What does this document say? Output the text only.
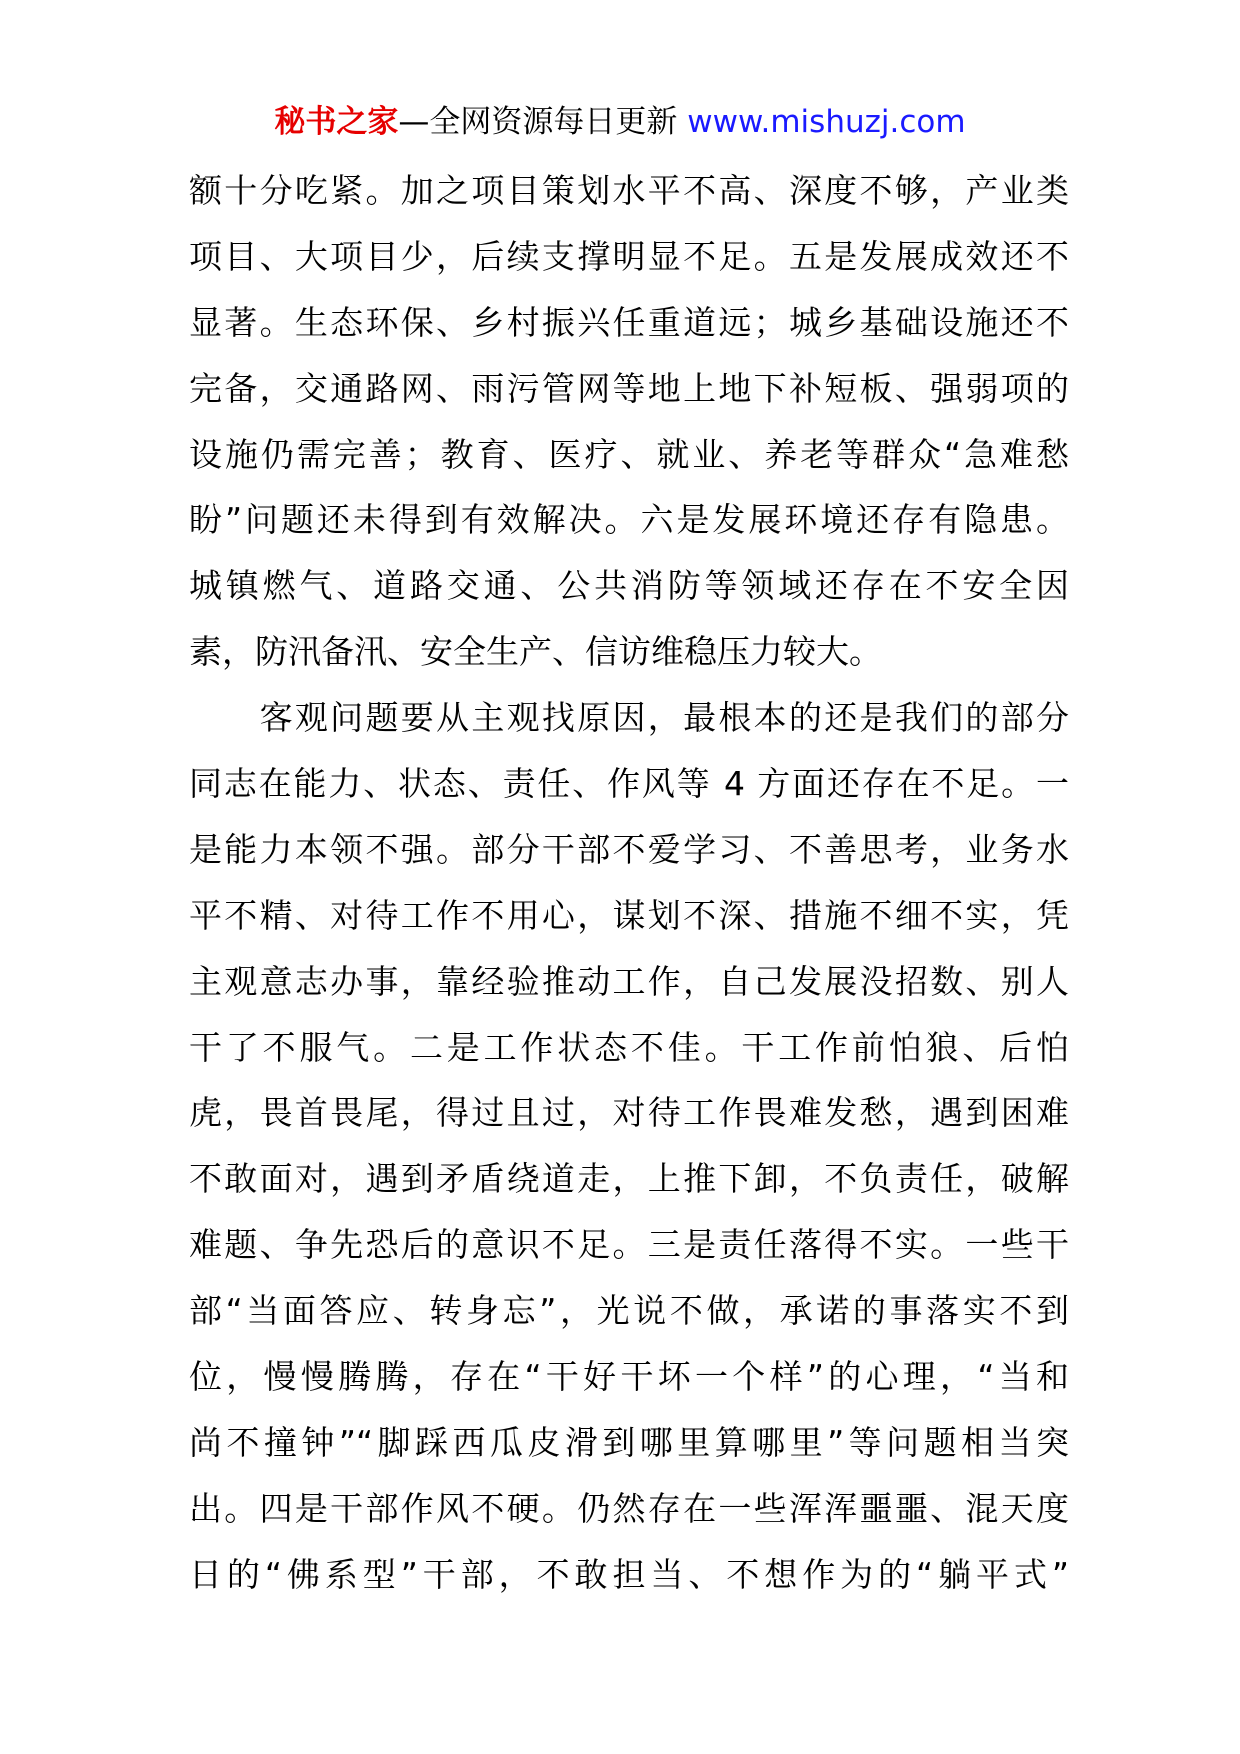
秘书之家—全网资源每日更新 www.mishuzj.com
额十分吃紧。加之项目策划水平不高、深度不够，产业类
项目、大项目少，后续支撑明显不足。五是发展成效还不
显著。生态环保、乡村振兴任重道远；城乡基础设施还不
完备，交通路网、雨污管网等地上地下补短板、强弱项的
设施仍需完善；教育、医疗、就业、养老等群众“急难愁
盼”问题还未得到有效解决。六是发展环境还存有隐患。
城镇燃气、道路交通、公共消防等领域还存在不安全因
素，防汛备汛、安全生产、信访维稳压力较大。
　　客观问题要从主观找原因，最根本的还是我们的部分
同志在能力、状态、责任、作风等 4 方面还存在不足。一
是能力本领不强。部分干部不爱学习、不善思考，业务水
平不精、对待工作不用心，谋划不深、措施不细不实，凭
主观意志办事，靠经验推动工作，自己发展没招数、别人
干了不服气。二是工作状态不佳。干工作前怕狼、后怕
虎，畏首畏尾，得过且过，对待工作畏难发愁，遇到困难
不敢面对，遇到矛盾绕道走，上推下卸，不负责任，破解
难题、争先恐后的意识不足。三是责任落得不实。一些干
部“当面答应、转身忘”，光说不做，承诺的事落实不到
位，慢慢腾腾，存在“干好干坏一个样”的心理，“当和
尚不撞钟”“脚踩西瓜皮滑到哪里算哪里”等问题相当突
出。四是干部作风不硬。仍然存在一些浑浑噩噩、混天度
日的“佛系型”干部，不敢担当、不想作为的“躺平式”
